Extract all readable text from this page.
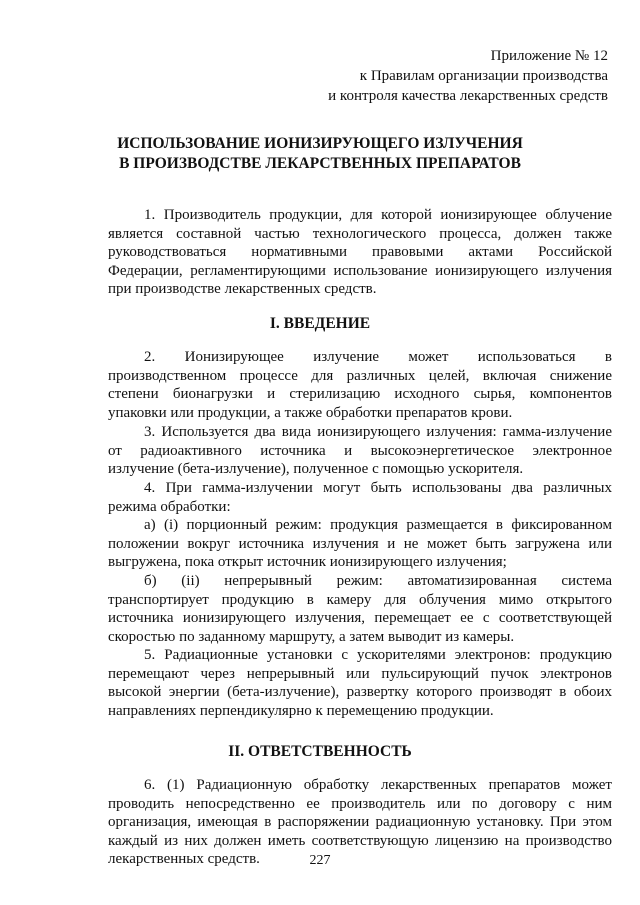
Приложение № 12
к Правилам организации производства
и контроля качества лекарственных средств
ИСПОЛЬЗОВАНИЕ ИОНИЗИРУЮЩЕГО ИЗЛУЧЕНИЯ
В ПРОИЗВОДСТВЕ ЛЕКАРСТВЕННЫХ ПРЕПАРАТОВ
1. Производитель продукции, для которой ионизирующее облучение
является составной частью технологического процесса, должен также
руководствоваться нормативными правовыми актами Российской
Федерации, регламентирующими использование ионизирующего излучения
при производстве лекарственных средств.
I. ВВЕДЕНИЕ
2. Ионизирующее излучение может использоваться в
производственном процессе для различных целей, включая снижение
степени бионагрузки и стерилизацию исходного сырья, компонентов
упаковки или продукции, а также обработки препаратов крови.
3. Используется два вида ионизирующего излучения: гамма-излучение
от радиоактивного источника и высокоэнергетическое электронное
излучение (бета-излучение), полученное с помощью ускорителя.
4. При гамма-излучении могут быть использованы два различных
режима обработки:
а) (i) порционный режим: продукция размещается в фиксированном
положении вокруг источника излучения и не может быть загружена или
выгружена, пока открыт источник ионизирующего излучения;
б) (ii) непрерывный режим: автоматизированная система
транспортирует продукцию в камеру для облучения мимо открытого
источника ионизирующего излучения, перемещает ее с соответствующей
скоростью по заданному маршруту, а затем выводит из камеры.
5. Радиационные установки с ускорителями электронов: продукцию
перемещают через непрерывный или пульсирующий пучок электронов
высокой энергии (бета-излучение), развертку которого производят в обоих
направлениях перпендикулярно к перемещению продукции.
II. ОТВЕТСТВЕННОСТЬ
6. (1) Радиационную обработку лекарственных препаратов может
проводить непосредственно ее производитель или по договору с ним
организация, имеющая в распоряжении радиационную установку. При этом
каждый из них должен иметь соответствующую лицензию на производство
лекарственных средств.	227
